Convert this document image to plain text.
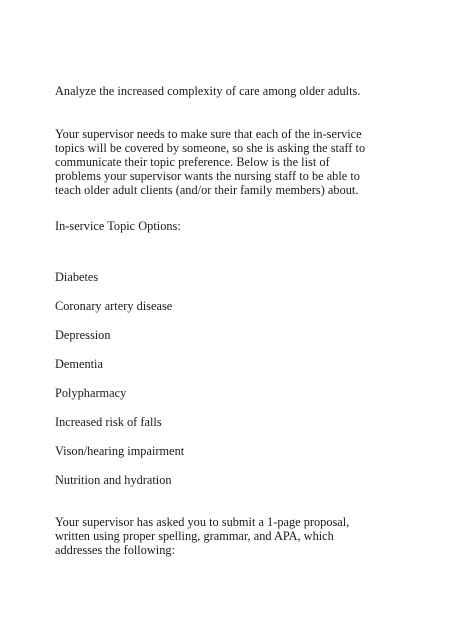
Analyze the increased complexity of care among older adults.

Your supervisor needs to make sure that each of the in-service

topics will be covered by someone, so she is asking the staff to

communicate their topic preference. Below is the list of

problems your supervisor wants the nursing staff to be able to

teach older adult clients (and/or their family members) about.

In-service Topic Options:

Diabetes

Coronary artery disease

Depression

Dementia

Polypharmacy

Increased risk of falls

Vison/hearing impairment

Nutrition and hydration

Your supervisor has asked you to submit a 1-page proposal,

written using proper spelling, grammar, and APA, which

addresses the following:
